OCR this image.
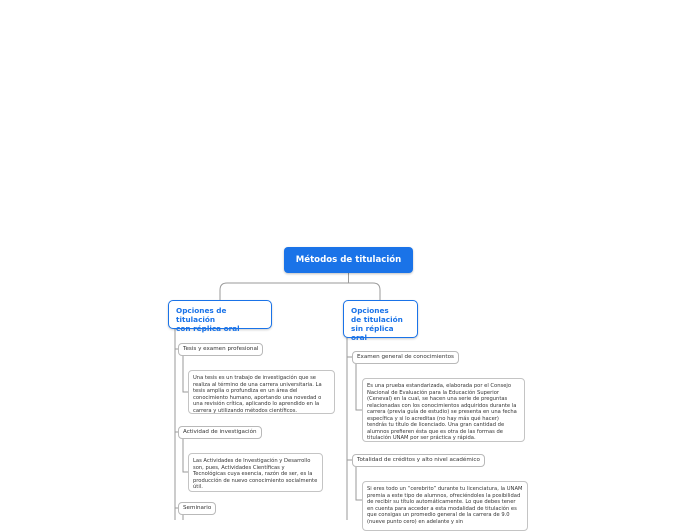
Métodos de titulación
Opciones de titulación
con réplica oral
Opciones
de titulación
sin réplica oral
Tesis y examen profesional
Una tesis es un trabajo de investigación que se realiza al término de una carrera universitaria. La tesis amplía o profundiza en un área del conocimiento humano, aportando una novedad o una revisión crítica, aplicando lo aprendido en la carrera y utilizando métodos científicos.
Actividad de investigación
Las Actividades de Investigación y Desarrollo son, pues, Actividades Científicas y Tecnológicas cuya esencia, razón de ser, es la producción de nuevo conocimiento socialmente útil.
Seminario
Examen general de conocimientos
Es una prueba estandarizada, elaborada por el Consejo Nacional de Evaluación para la Educación Superior (Ceneval) en la cual, se hacen una serie de preguntas relacionadas con los conocimientos adquiridos durante la carrera (previa guía de estudio) se presenta en una fecha específica y si lo acreditas (no hay más qué hacer) tendrás tu título de licenciado. Una gran cantidad de alumnos prefieren ésta que es otra de las formas de titulación UNAM por ser práctica y rápida.
Totalidad de créditos y alto nivel académico
Si eres todo un “cerebrito” durante tu licenciatura, la UNAM premia a este tipo de alumnos, ofreciéndoles la posibilidad de recibir su título automáticamente. Lo que debes tener en cuenta para acceder a esta modalidad de titulación es que consigas un promedio general de la carrera de 9.0 (nueve punto cero) en adelante y sin
